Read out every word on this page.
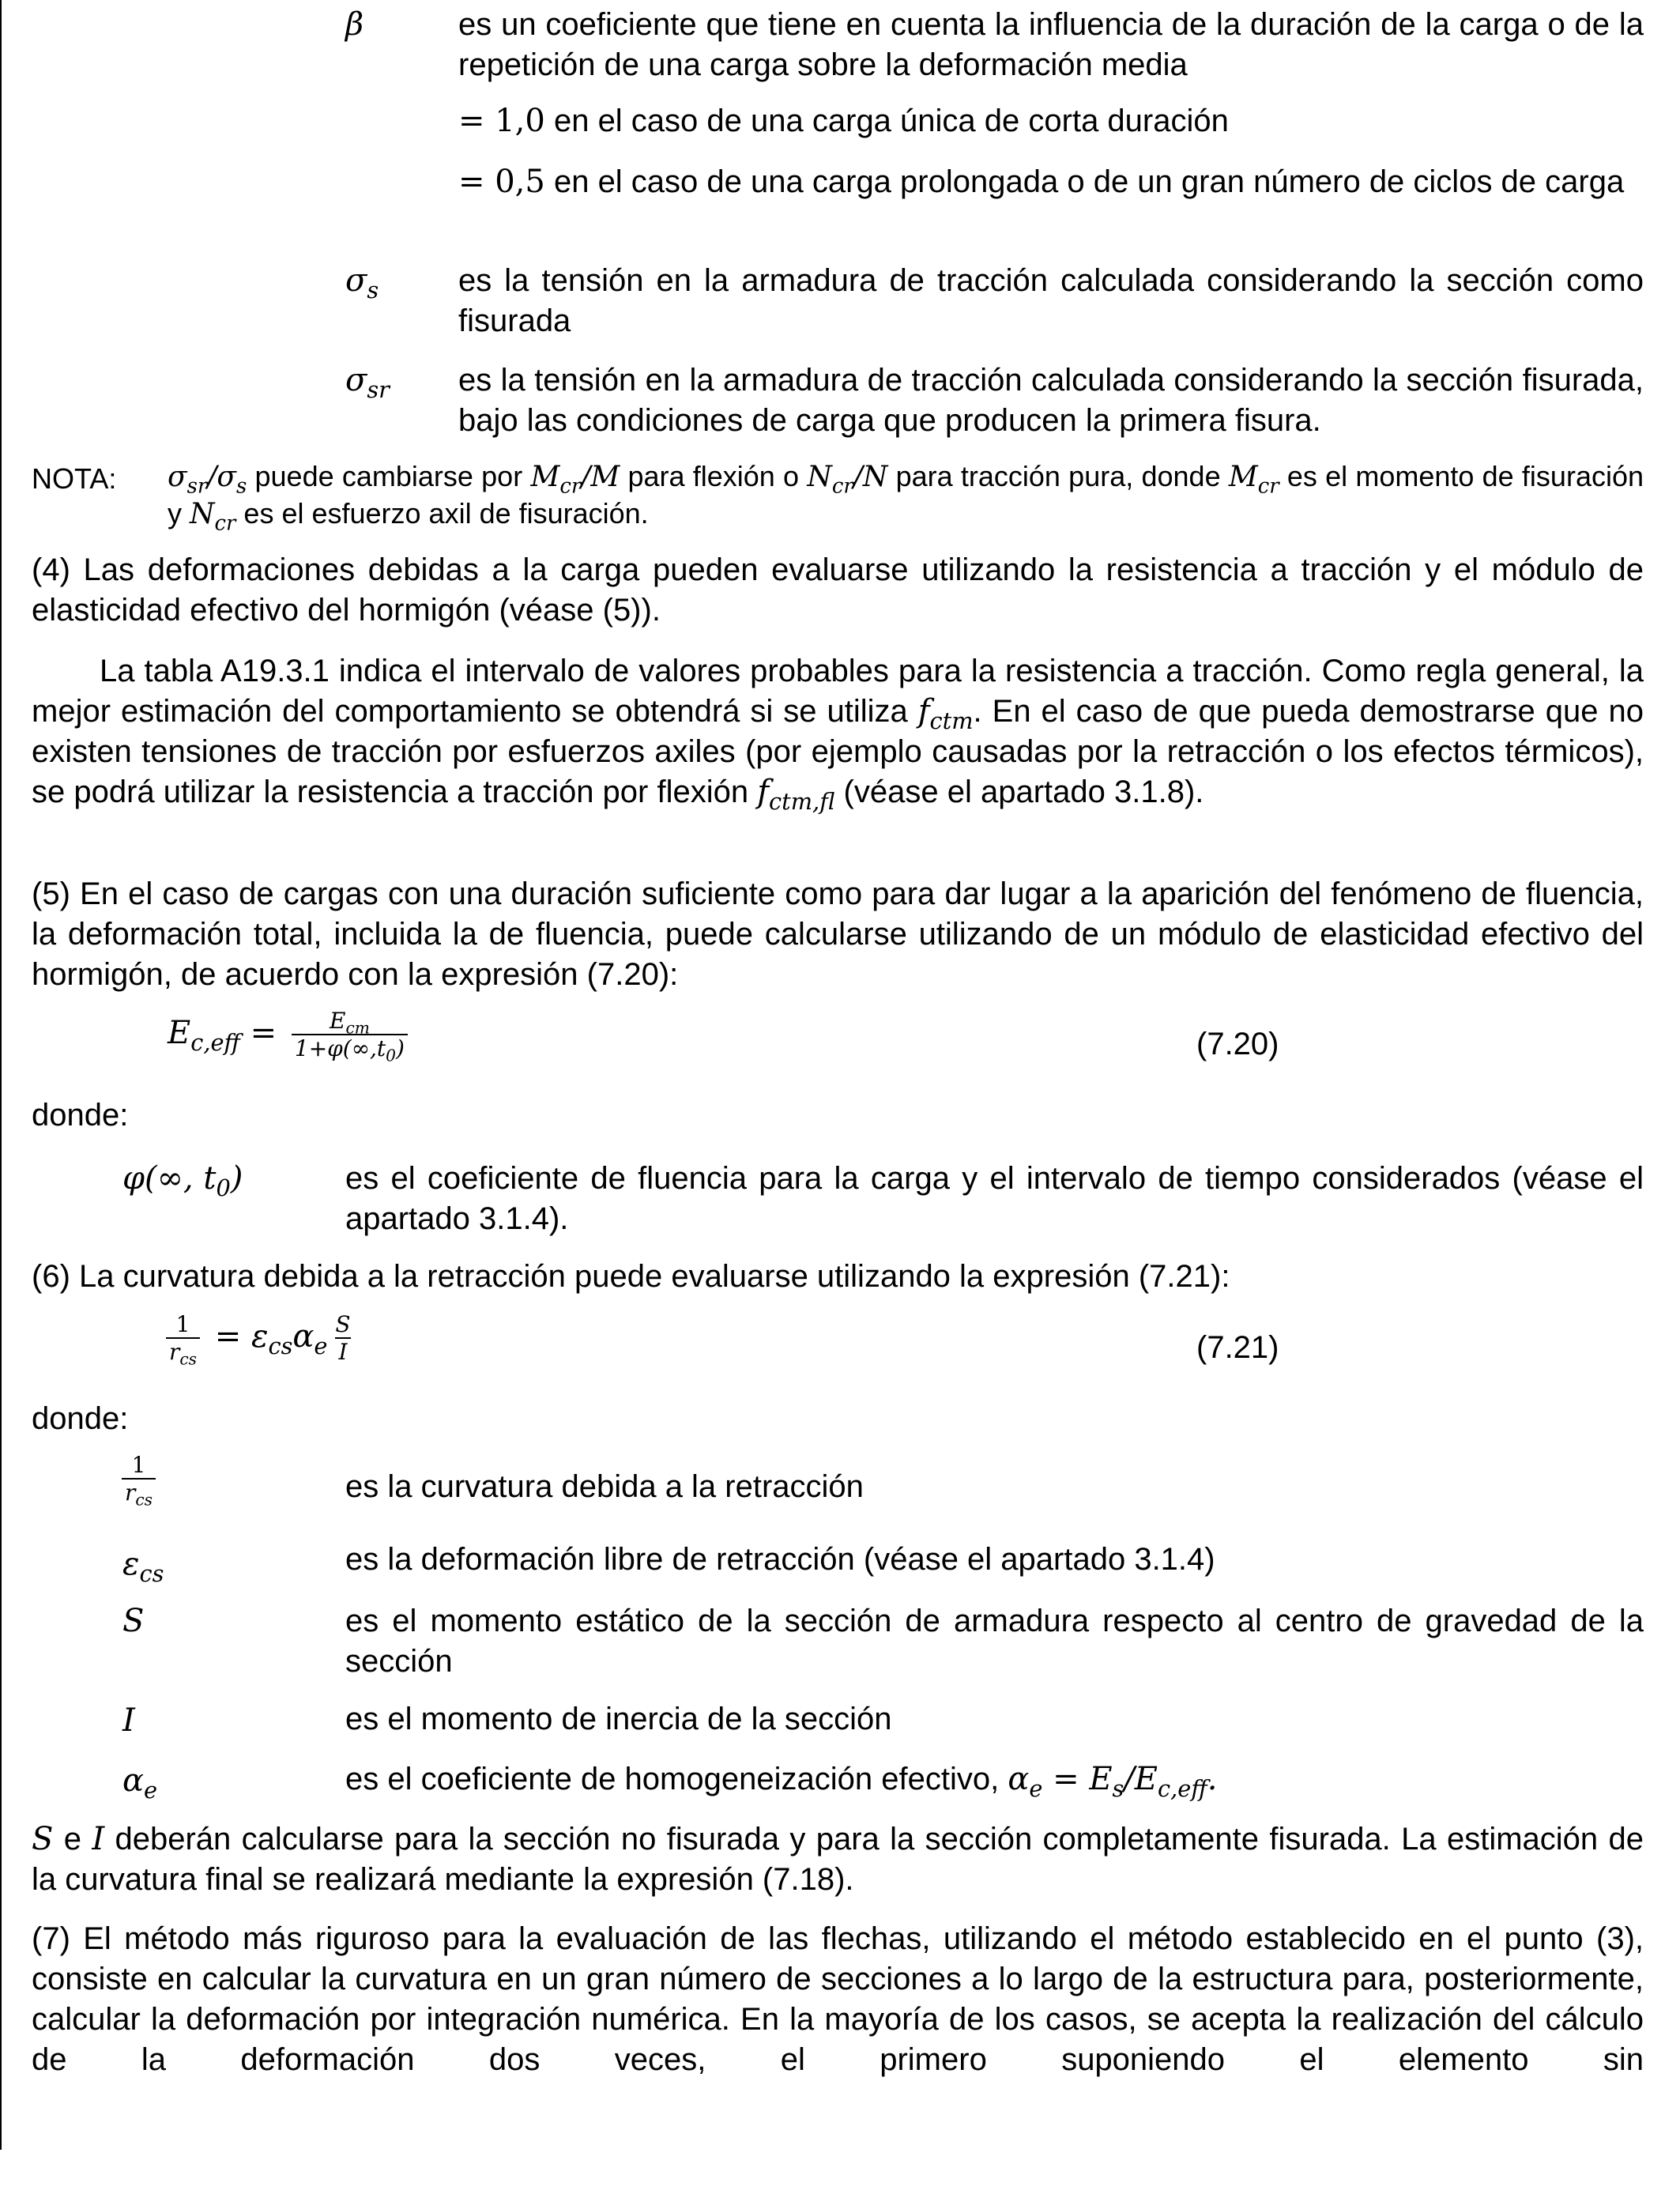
β	es un coeficiente que tiene en cuenta la influencia de la duración de la carga o de la repetición de una carga sobre la deformación media

= 1,0 en el caso de una carga única de corta duración

= 0,5 en el caso de una carga prolongada o de un gran número de ciclos de carga

$\sigma_s$	es la tensión en la armadura de tracción calculada considerando la sección como fisurada

$\sigma_{sr}$ es la tensión en la armadura de tracción calculada considerando la sección fisurada, bajo las condiciones de carga que producen la primera fisura.

NOTA: $\sigma_{sr}/\sigma_s$ puede cambiarse por $M_{cr}/M$ para flexión o $N_{cr}/N$ para tracción pura, donde $M_{cr}$ es el momento de fisuración y $N_{cr}$ es el esfuerzo axil de fisuración.

(4) Las deformaciones debidas a la carga pueden evaluarse utilizando la resistencia a tracción y el módulo de elasticidad efectivo del hormigón (véase (5)).

La tabla A19.3.1 indica el intervalo de valores probables para la resistencia a tracción. Como regla general, la mejor estimación del comportamiento se obtendrá si se utiliza $f_{ctm}$. En el caso de que pueda demostrarse que no existen tensiones de tracción por esfuerzos axiles (por ejemplo causadas por la retracción o los efectos térmicos), se podrá utilizar la resistencia a tracción por flexión $f_{ctm,fl}$ (véase el apartado 3.1.8).

(5) En el caso de cargas con una duración suficiente como para dar lugar a la aparición del fenómeno de fluencia, la deformación total, incluida la de fluencia, puede calcularse utilizando de un módulo de elasticidad efectivo del hormigón, de acuerdo con la expresión (7.20):

$E_{c,eff} = \frac{E_{cm}}{1+\varphi(\infty,t_0)}$	(7.20)

donde:

φ(∞, $t_0$)	es el coeficiente de fluencia para la carga y el intervalo de tiempo considerados (véase el apartado 3.1.4).

(6) La curvatura debida a la retracción puede evaluarse utilizando la expresión (7.21):

$\frac{1}{r_{cs}} = \varepsilon_{cs}\alpha_e \frac{S}{I}$	(7.21)

donde:

$\frac{1}{r_{cs}}$	es la curvatura debida a la retracción

$\varepsilon_{cs}$	es la deformación libre de retracción (véase el apartado 3.1.4)

S	es el momento estático de la sección de armadura respecto al centro de gravedad de la sección

I	es el momento de inercia de la sección

$\alpha_e$	es el coeficiente de homogeneización efectivo, $\alpha_e = E_s/E_{c,eff}$.

S e I deberán calcularse para la sección no fisurada y para la sección completamente fisurada. La estimación de la curvatura final se realizará mediante la expresión (7.18).

(7) El método más riguroso para la evaluación de las flechas, utilizando el método establecido en el punto (3), consiste en calcular la curvatura en un gran número de secciones a lo largo de la estructura para, posteriormente, calcular la deformación por integración numérica. En la mayoría de los casos, se acepta la realización del cálculo de la deformación dos veces, el primero suponiendo el elemento sin
